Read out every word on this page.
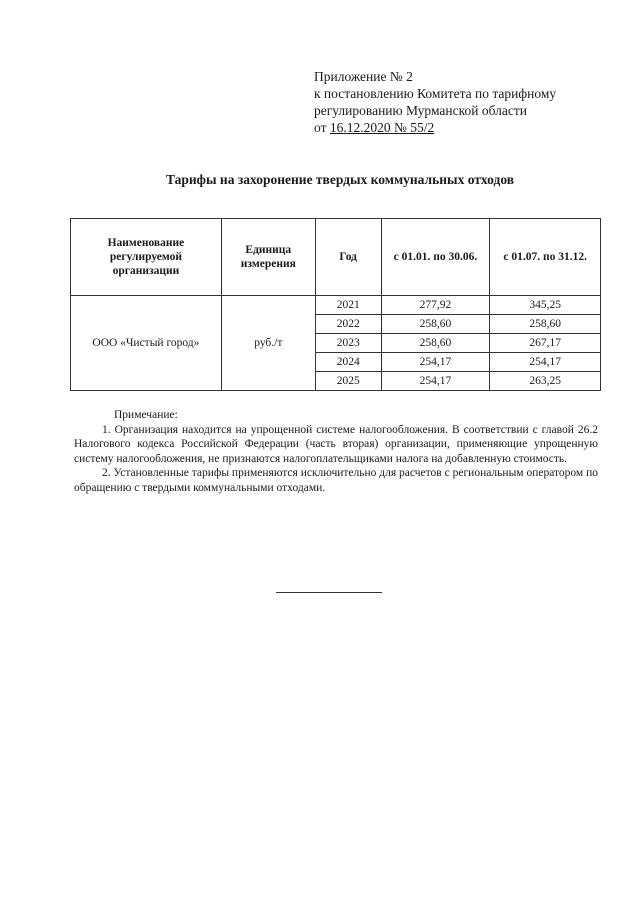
Приложение № 2
к постановлению Комитета по тарифному
регулированию Мурманской области
от 16.12.2020 № 55/2
Тарифы на захоронение твердых коммунальных отходов
Наименование регулируемой организации	Единица измерения	Год	с 01.01. по 30.06.	с 01.07. по 31.12.
ООО «Чистый город»	руб./т	2021	277,92	345,25
		2022	258,60	258,60
		2023	258,60	267,17
		2024	254,17	254,17
		2025	254,17	263,25
Примечание:

1. Организация находится на упрощенной системе налогообложения. В соответствии с главой 26.2 Налогового кодекса Российской Федерации (часть вторая) организации, применяющие упрощенную систему налогообложения, не признаются налогоплательщиками налога на добавленную стоимость.

2. Установленные тарифы применяются исключительно для расчетов с региональным оператором по обращению с твердыми коммунальными отходами.
